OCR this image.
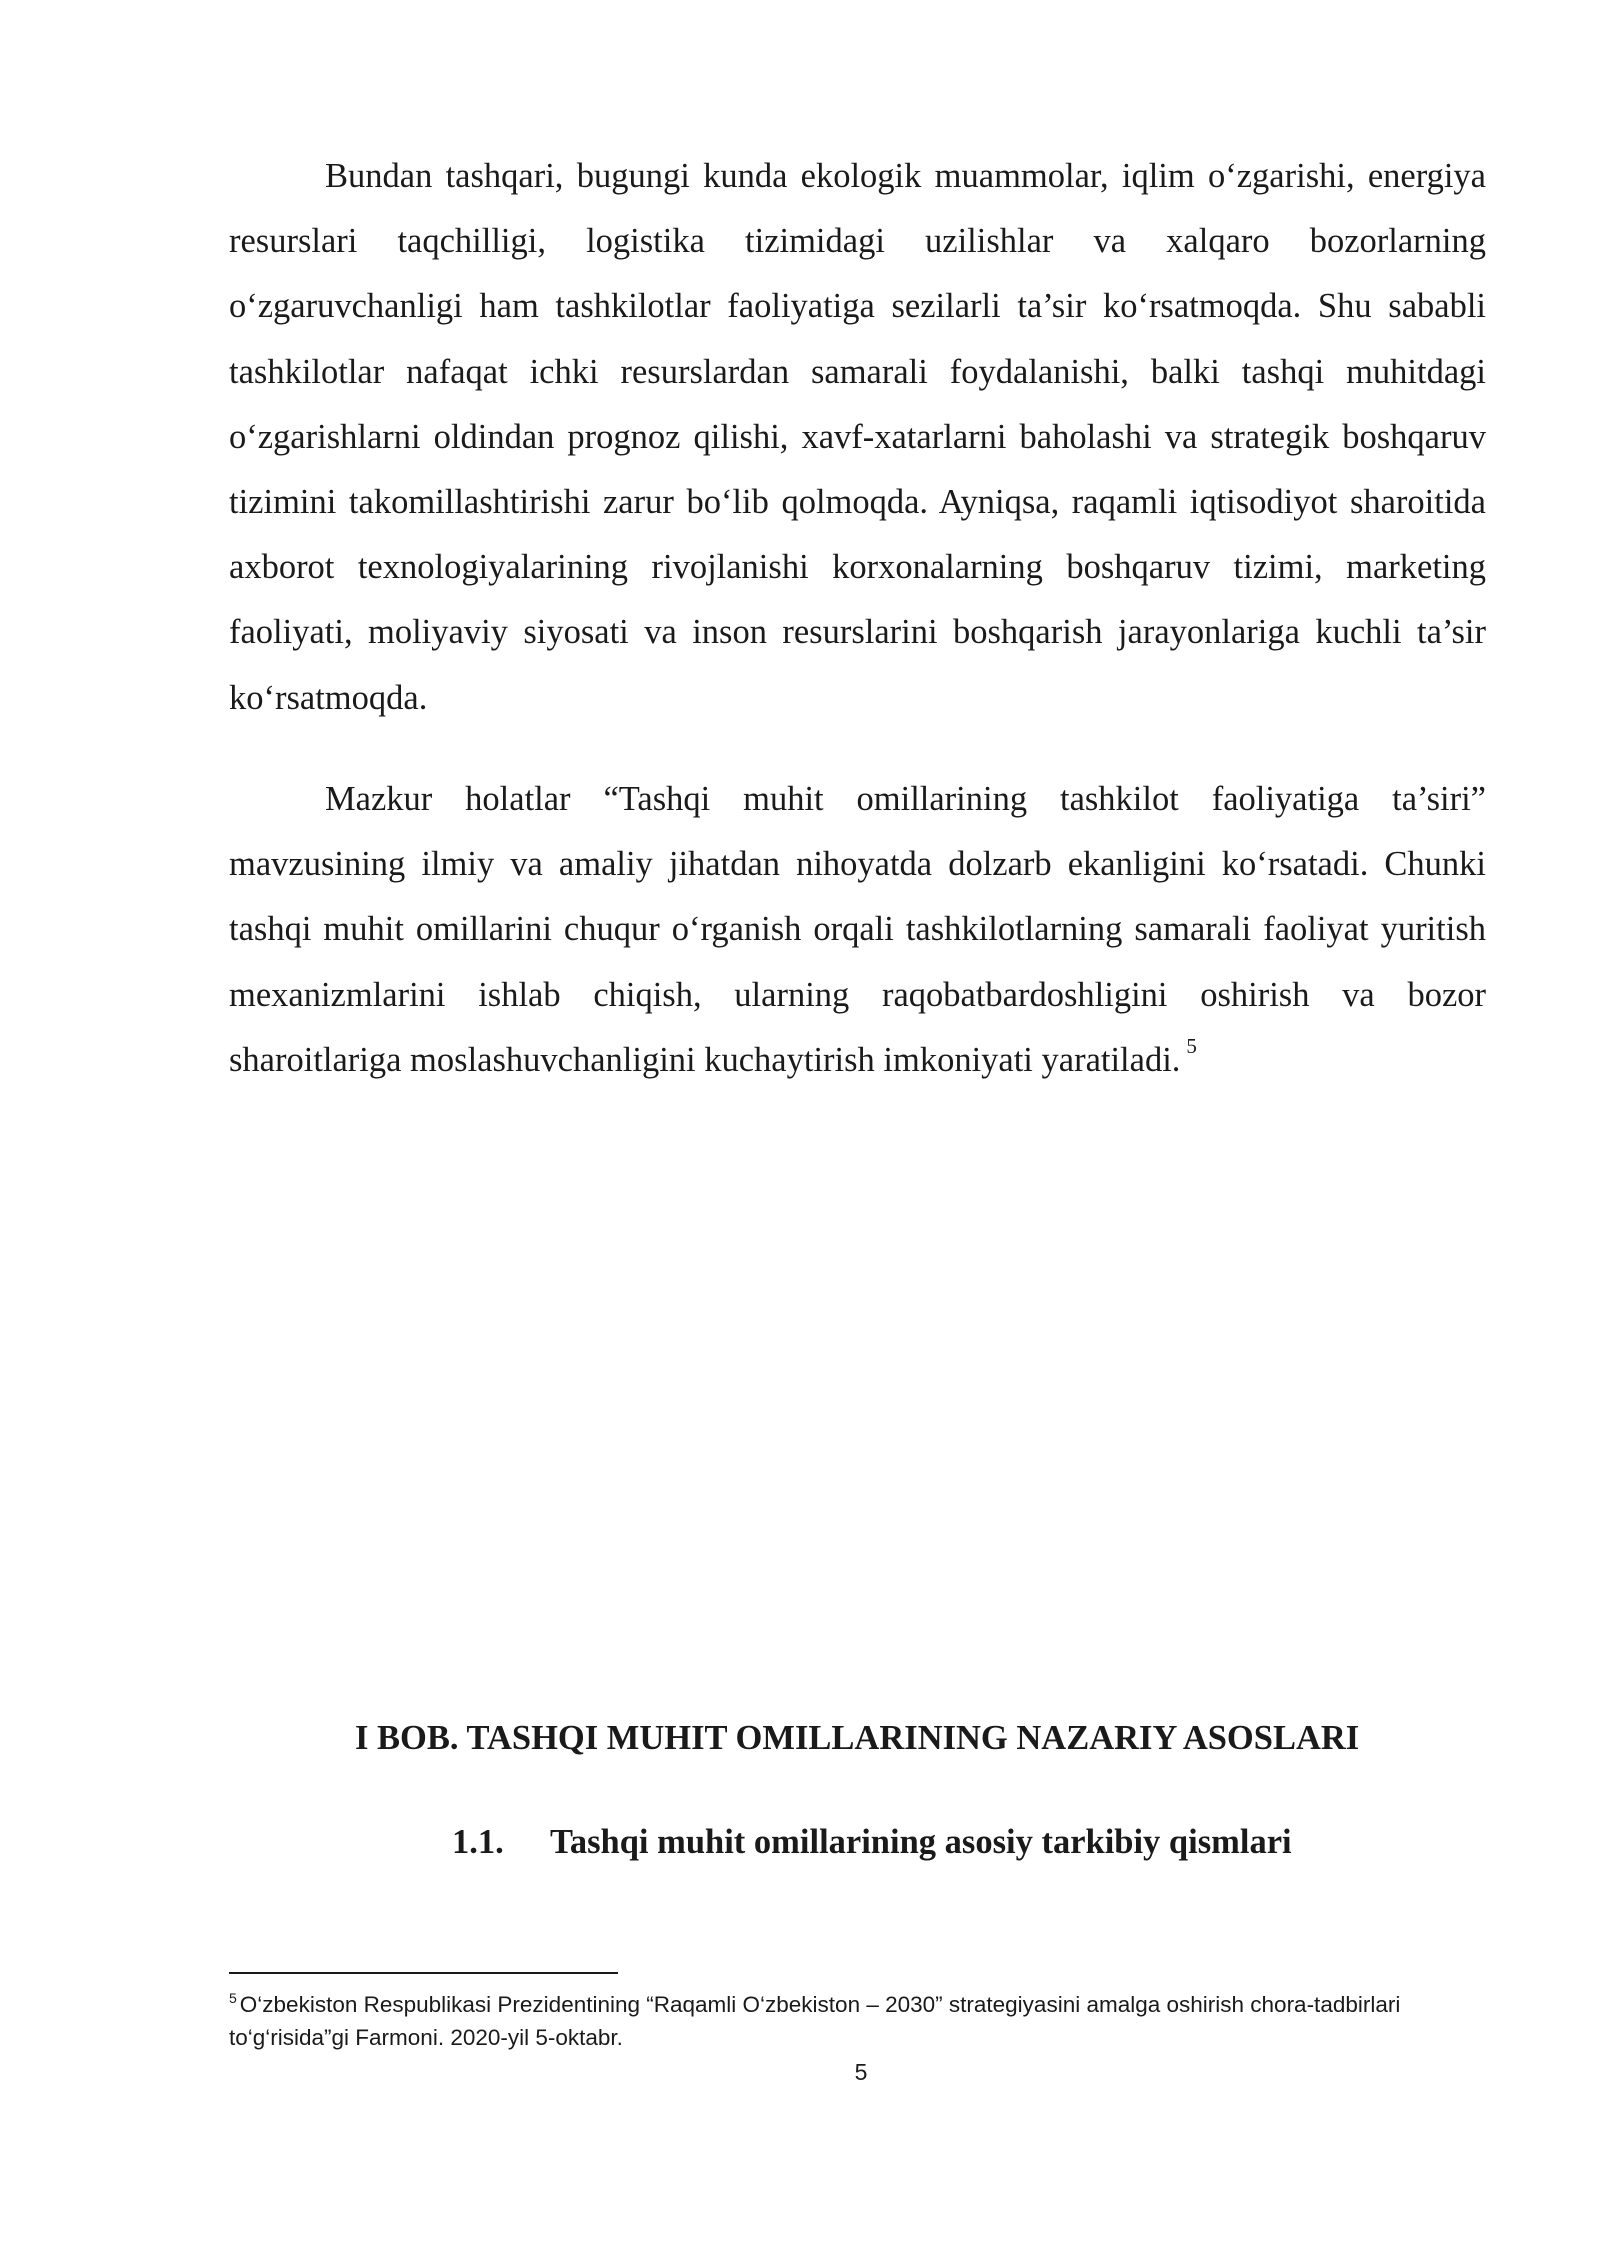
Bundan tashqari, bugungi kunda ekologik muammolar, iqlim o‘zgarishi, energiya resurslari taqchilligi, logistika tizimidagi uzilishlar va xalqaro bozorlarning o‘zgaruvchanligi ham tashkilotlar faoliyatiga sezilarli ta’sir ko‘rsatmoqda. Shu sababli tashkilotlar nafaqat ichki resurslardan samarali foydalanishi, balki tashqi muhitdagi o‘zgarishlarni oldindan prognoz qilishi, xavf-xatarlarni baholashi va strategik boshqaruv tizimini takomillashtirishi zarur bo‘lib qolmoqda. Ayniqsa, raqamli iqtisodiyot sharoitida axborot texnologiyalarining rivojlanishi korxonalarning boshqaruv tizimi, marketing faoliyati, moliyaviy siyosati va inson resurslarini boshqarish jarayonlariga kuchli ta’sir ko‘rsatmoqda.

Mazkur holatlar “Tashqi muhit omillarining tashkilot faoliyatiga ta’siri” mavzusining ilmiy va amaliy jihatdan nihoyatda dolzarb ekanligini ko‘rsatadi. Chunki tashqi muhit omillarini chuqur o‘rganish orqali tashkilotlarning samarali faoliyat yuritish mexanizmlarini ishlab chiqish, ularning raqobatbardoshligini oshirish va bozor sharoitlariga moslashuvchanligini kuchaytirish imkoniyati yaratiladi. $^5$

I BOB. TASHQI MUHIT OMILLARINING NAZARIY ASOSLARI
1.1. Tashqi muhit omillarining asosiy tarkibiy qismlari

$^5$ O‘zbekiston Respublikasi Prezidentining “Raqamli O‘zbekiston – 2030” strategiyasini amalga oshirish chora-tadbirlari to‘g‘risida”gi Farmoni. 2020-yil 5-oktabr.

5
